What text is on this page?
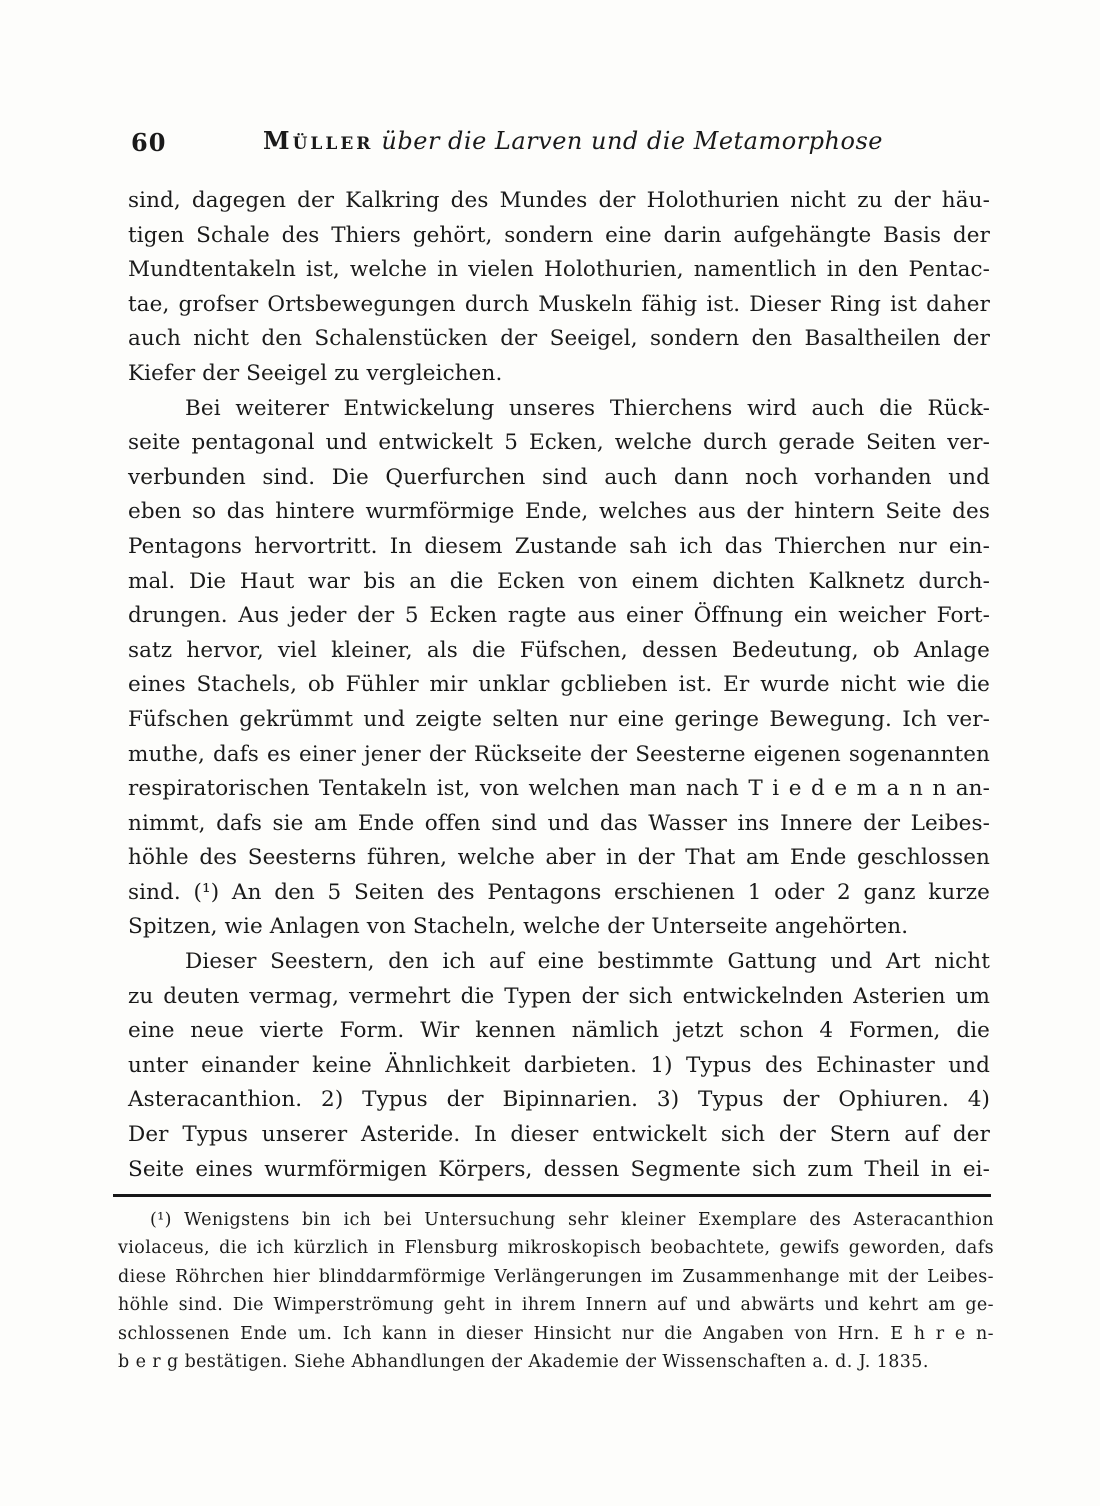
60	Müller über die Larven und die Metamorphose
sind, dagegen der Kalkring des Mundes der Holothurien nicht zu der häu-
tigen Schale des Thiers gehört, sondern eine darin aufgehängte Basis der
Mundtentakeln ist, welche in vielen Holothurien, namentlich in den Pentac-
tae, grofser Ortsbewegungen durch Muskeln fähig ist. Dieser Ring ist daher
auch nicht den Schalenstücken der Seeigel, sondern den Basaltheilen der
Kiefer der Seeigel zu vergleichen.
Bei weiterer Entwickelung unseres Thierchens wird auch die Rück-
seite pentagonal und entwickelt 5 Ecken, welche durch gerade Seiten ver-
verbunden sind. Die Querfurchen sind auch dann noch vorhanden und
eben so das hintere wurmförmige Ende, welches aus der hintern Seite des
Pentagons hervortritt. In diesem Zustande sah ich das Thierchen nur ein-
mal. Die Haut war bis an die Ecken von einem dichten Kalknetz durch-
drungen. Aus jeder der 5 Ecken ragte aus einer Öffnung ein weicher Fort-
satz hervor, viel kleiner, als die Füfschen, dessen Bedeutung, ob Anlage
eines Stachels, ob Fühler mir unklar gcblieben ist. Er wurde nicht wie die
Füfschen gekrümmt und zeigte selten nur eine geringe Bewegung. Ich ver-
muthe, dafs es einer jener der Rückseite der Seesterne eigenen sogenannten
respiratorischen Tentakeln ist, von welchen man nach T i e d e m a n n an-
nimmt, dafs sie am Ende offen sind und das Wasser ins Innere der Leibes-
höhle des Seesterns führen, welche aber in der That am Ende geschlossen
sind. (¹) An den 5 Seiten des Pentagons erschienen 1 oder 2 ganz kurze
Spitzen, wie Anlagen von Stacheln, welche der Unterseite angehörten.
Dieser Seestern, den ich auf eine bestimmte Gattung und Art nicht
zu deuten vermag, vermehrt die Typen der sich entwickelnden Asterien um
eine neue vierte Form. Wir kennen nämlich jetzt schon 4 Formen, die
unter einander keine Ähnlichkeit darbieten. 1) Typus des Echinaster und
Asteracanthion. 2) Typus der Bipinnarien. 3) Typus der Ophiuren. 4)
Der Typus unserer Asteride. In dieser entwickelt sich der Stern auf der
Seite eines wurmförmigen Körpers, dessen Segmente sich zum Theil in ei-
(¹) Wenigstens bin ich bei Untersuchung sehr kleiner Exemplare des Asteracanthion
violaceus, die ich kürzlich in Flensburg mikroskopisch beobachtete, gewifs geworden, dafs
diese Röhrchen hier blinddarmförmige Verlängerungen im Zusammenhange mit der Leibes-
höhle sind. Die Wimperströmung geht in ihrem Innern auf und abwärts und kehrt am ge-
schlossenen Ende um. Ich kann in dieser Hinsicht nur die Angaben von Hrn. E h r e n-
b e r g bestätigen. Siehe Abhandlungen der Akademie der Wissenschaften a. d. J. 1835.
